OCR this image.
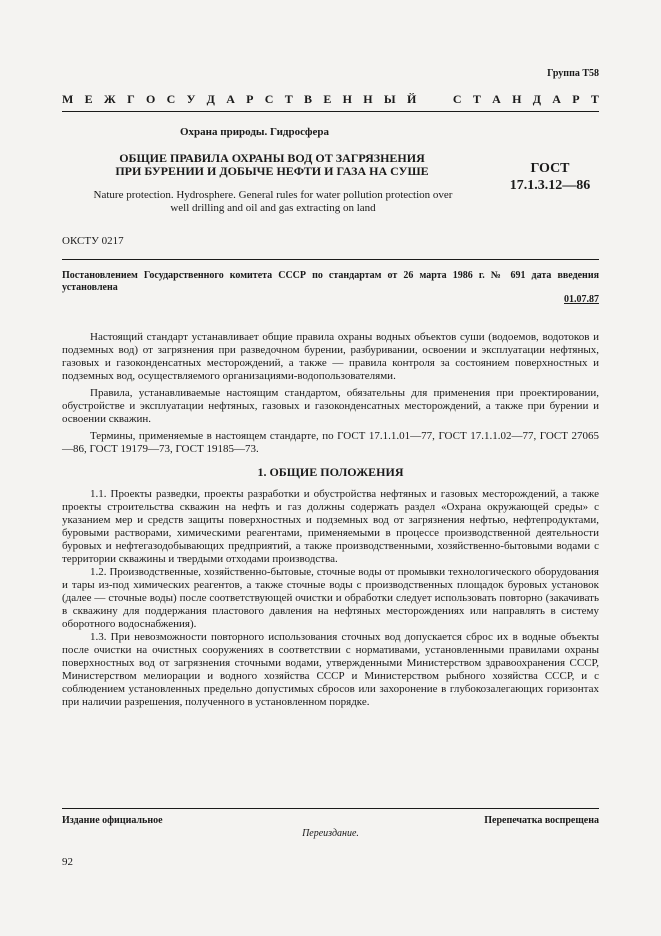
Группа Т58
М Е Ж Г О С У Д А Р С Т В Е Н Н Ы Й	С Т А Н Д А Р Т
Охрана природы. Гидросфера
ОБЩИЕ ПРАВИЛА ОХРАНЫ ВОД ОТ ЗАГРЯЗНЕНИЯ
ПРИ БУРЕНИИ И ДОБЫЧЕ НЕФТИ И ГАЗА НА СУШЕ	ГОСТ
17.1.3.12—86
Nature protection. Hydrosphere. General rules for water pollution protection over
well drilling and oil and gas extracting on land
ОКСТУ 0217
Постановлением Государственного комитета СССР по стандартам от 26 марта 1986 г. № 691 дата введения установлена
01.07.87

Настоящий стандарт устанавливает общие правила охраны водных объектов суши (водоемов, водотоков и подземных вод) от загрязнения при разведочном бурении, разбуривании, освоении и эксплуатации нефтяных, газовых и газоконденсатных месторождений, а также — правила контроля за состоянием поверхностных и подземных вод, осуществляемого организациями-водопользователями.

Правила, устанавливаемые настоящим стандартом, обязательны для применения при проектировании, обустройстве и эксплуатации нефтяных, газовых и газоконденсатных месторождений, а также при бурении и освоении скважин.

Термины, применяемые в настоящем стандарте, по ГОСТ 17.1.1.01—77, ГОСТ 17.1.1.02—77, ГОСТ 27065—86, ГОСТ 19179—73, ГОСТ 19185—73.

1. ОБЩИЕ ПОЛОЖЕНИЯ

1.1. Проекты разведки, проекты разработки и обустройства нефтяных и газовых месторождений, а также проекты строительства скважин на нефть и газ должны содержать раздел «Охрана окружающей среды» с указанием мер и средств защиты поверхностных и подземных вод от загрязнения нефтью, нефтепродуктами, буровыми растворами, химическими реагентами, применяемыми в процессе производственной деятельности буровых и нефтегазодобывающих предприятий, а также производственными, хозяйственно-бытовыми водами с территории скважины и твердыми отходами производства.

1.2. Производственные, хозяйственно-бытовые, сточные воды от промывки технологического оборудования и тары из-под химических реагентов, а также сточные воды с производственных площадок буровых установок (далее — сточные воды) после соответствующей очистки и обработки следует использовать повторно (закачивать в скважину для поддержания пластового давления на нефтяных месторождениях или направлять в систему оборотного водоснабжения).

1.3. При невозможности повторного использования сточных вод допускается сброс их в водные объекты после очистки на очистных сооружениях в соответствии с нормативами, установленными правилами охраны поверхностных вод от загрязнения сточными водами, утвержденными Министерством здравоохранения СССР, Министерством мелиорации и водного хозяйства СССР и Министерством рыбного хозяйства СССР, и с соблюдением установленных предельно допустимых сбросов или захоронение в глубокозалегающих горизонтах при наличии разрешения, полученного в установленном порядке.

Издание официальное	Перепечатка воспрещена
Переиздание.
92
